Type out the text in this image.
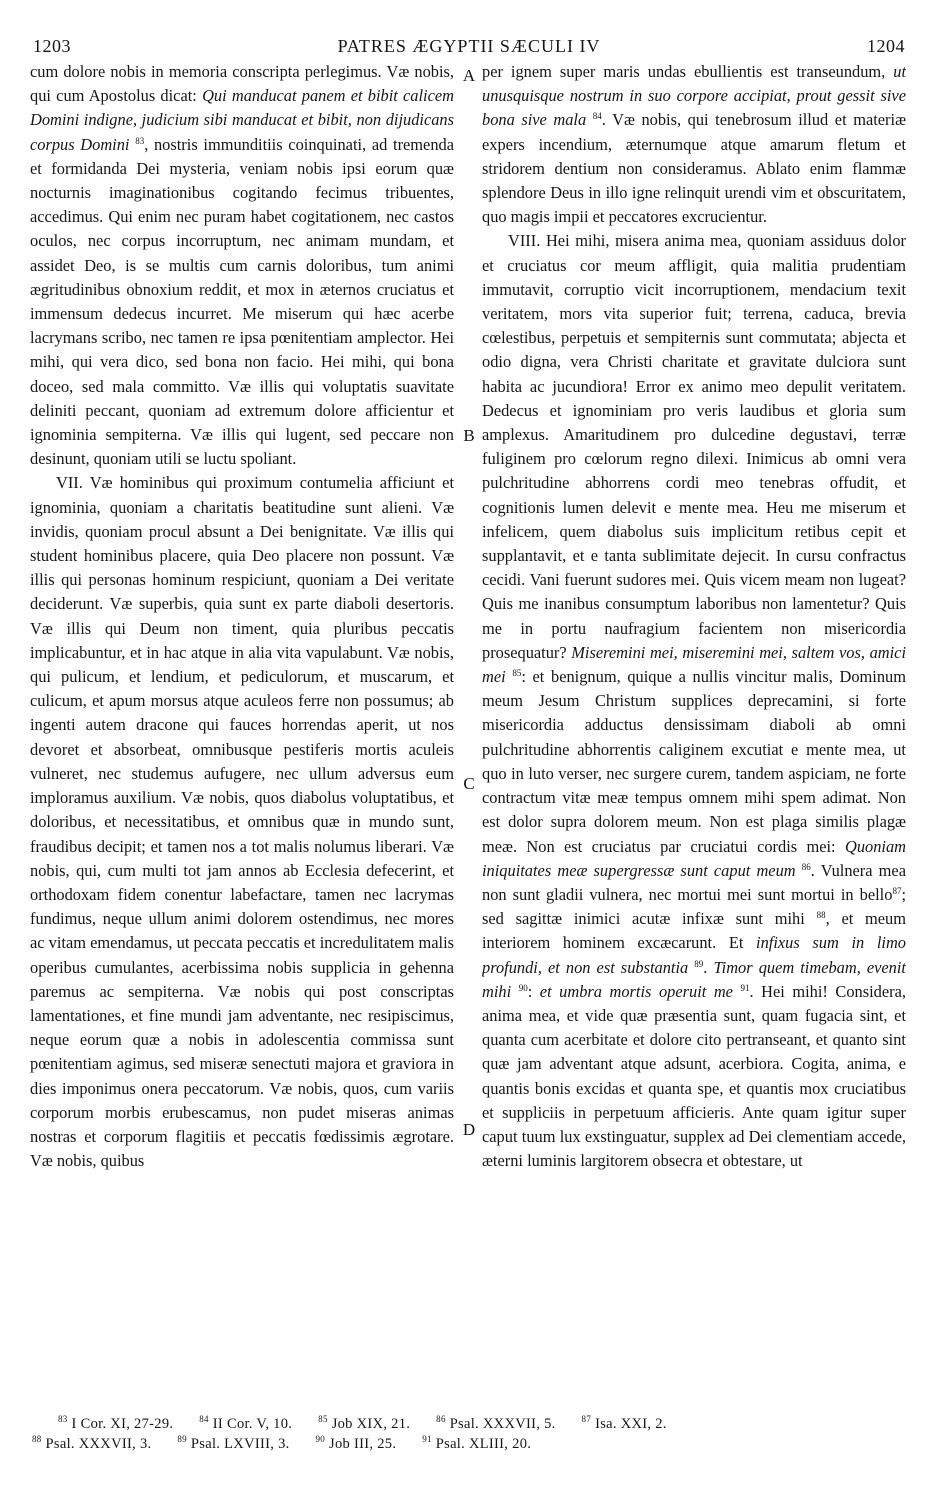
1203	PATRES ÆGYPTII SÆCULI IV	1204

cum dolore nobis in memoria conscripta perlegimus. Væ nobis, qui cum Apostolus dicat: Qui manducat panem et bibit calicem Domini indigne, judicium sibi manducat et bibit, non dijudicans corpus Domini $^{83}$, nostris immunditiis coinquinati, ad tremenda et formidanda Dei mysteria, veniam nobis ipsi eorum quæ nocturnis imaginationibus cogitando fecimus tribuentes, accedimus. Qui enim nec puram habet cogitationem, nec castos oculos, nec corpus incorruptum, nec animam mundam, et assidet Deo, is se multis cum carnis doloribus, tum animi ægritudinibus obnoxium reddit, et mox in æternos cruciatus et immensum dedecus incurret. Me miserum qui hæc acerbe lacrymans scribo, nec tamen re ipsa pœnitentiam amplector. Hei mihi, qui vera dico, sed bona non facio. Hei mihi, qui bona doceo, sed mala committo. Væ illis qui voluptatis suavitate deliniti peccant, quoniam ad extremum dolore afficientur et ignominia sempiterna. Væ illis qui lugent, sed peccare non desinunt, quoniam utili se luctu spoliant.

VII. Væ hominibus qui proximum contumelia afficiunt et ignominia, quoniam a charitatis beatitudine sunt alieni. Væ invidis, quoniam procul absunt a Dei benignitate. Væ illis qui student hominibus placere, quia Deo placere non possunt. Væ illis qui personas hominum respiciunt, quoniam a Dei veritate deciderunt. Væ superbis, quia sunt ex parte diaboli desertoris. Væ illis qui Deum non timent, quia pluribus peccatis implicabuntur, et in hac atque in alia vita vapulabunt. Væ nobis, qui pulicum, et lendium, et pediculorum, et muscarum, et culicum, et apum morsus atque aculeos ferre non possumus; ab ingenti autem dracone qui fauces horrendas aperit, ut nos devoret et absorbeat, omnibusque pestiferis mortis aculeis vulneret, nec studemus aufugere, nec ullum adversus eum imploramus auxilium. Væ nobis, quos diabolus voluptatibus, et doloribus, et necessitatibus, et omnibus quæ in mundo sunt, fraudibus decipit; et tamen nos a tot malis nolumus liberari. Væ nobis, qui, cum multi tot jam annos ab Ecclesia defecerint, et orthodoxam fidem conentur labefactare, tamen nec lacrymas fundimus, neque ullum animi dolorem ostendimus, nec mores ac vitam emendamus, ut peccata peccatis et incredulitatem malis operibus cumulantes, acerbissima nobis supplicia in gehenna paremus ac sempiterna. Væ nobis qui post conscriptas lamentationes, et fine mundi jam adventante, nec resipiscimus, neque eorum quæ a nobis in adolescentia commissa sunt pœnitentiam agimus, sed miseræ senectuti majora et graviora in dies imponimus onera peccatorum. Væ nobis, quos, cum variis corporum morbis erubescamus, non pudet miseras animas nostras et corporum flagitiis et peccatis fœdissimis ægrotare. Væ nobis, quibus

A
B
C
D

per ignem super maris undas ebullientis est transeundum, ut unusquisque nostrum in suo corpore accipiat, prout gessit sive bona sive mala $^{84}$. Væ nobis, qui tenebrosum illud et materiæ expers incendium, æternumque atque amarum fletum et stridorem dentium non consideramus. Ablato enim flammæ splendore Deus in illo igne relinquit urendi vim et obscuritatem, quo magis impii et peccatores excrucientur.

VIII. Hei mihi, misera anima mea, quoniam assiduus dolor et cruciatus cor meum affligit, quia malitia prudentiam immutavit, corruptio vicit incorruptionem, mendacium texit veritatem, mors vita superior fuit; terrena, caduca, brevia cœlestibus, perpetuis et sempiternis sunt commutata; abjecta et odio digna, vera Christi charitate et gravitate dulciora sunt habita ac jucundiora! Error ex animo meo depulit veritatem. Dedecus et ignominiam pro veris laudibus et gloria sum amplexus. Amaritudinem pro dulcedine degustavi, terræ fuliginem pro cœlorum regno dilexi. Inimicus ab omni vera pulchritudine abhorrens cordi meo tenebras offudit, et cognitionis lumen delevit e mente mea. Heu me miserum et infelicem, quem diabolus suis implicitum retibus cepit et supplantavit, et e tanta sublimitate dejecit. In cursu confractus cecidi. Vani fuerunt sudores mei. Quis vicem meam non lugeat? Quis me inanibus consumptum laboribus non lamentetur? Quis me in portu naufragium facientem non misericordia prosequatur? Miseremini mei, miseremini mei, saltem vos, amici mei $^{85}$: et benignum, quique a nullis vincitur malis, Dominum meum Jesum Christum supplices deprecamini, si forte misericordia adductus densissimam diaboli ab omni pulchritudine abhorrentis caliginem excutiat e mente mea, ut quo in luto verser, nec surgere curem, tandem aspiciam, ne forte contractum vitæ meæ tempus omnem mihi spem adimat. Non est dolor supra dolorem meum. Non est plaga similis plagæ meæ. Non est cruciatus par cruciatui cordis mei: Quoniam iniquitates meæ supergressæ sunt caput meum $^{86}$. Vulnera mea non sunt gladii vulnera, nec mortui mei sunt mortui in bello$^{87}$; sed sagittæ inimici acutæ infixæ sunt mihi $^{88}$, et meum interiorem hominem excæcarunt. Et infixus sum in limo profundi, et non est substantia $^{89}$. Timor quem timebam, evenit mihi $^{90}$: et umbra mortis operuit me $^{91}$. Hei mihi! Considera, anima mea, et vide quæ præsentia sunt, quam fugacia sint, et quanta cum acerbitate et dolore cito pertranseant, et quanto sint quæ jam adventant atque adsunt, acerbiora. Cogita, anima, e quantis bonis excidas et quanta spe, et quantis mox cruciatibus et suppliciis in perpetuum afficieris. Ante quam igitur super caput tuum lux exstinguatur, supplex ad Dei clementiam accede, æterni luminis largitorem obsecra et obtestare, ut

$^{83}$ I Cor. XI, 27-29.	$^{84}$ II Cor. V, 10.	$^{85}$ Job XIX, 21.	$^{86}$ Psal. XXXVII, 5.	$^{87}$ Isa. XXI, 2.
$^{88}$ Psal. XXXVII, 3.	$^{89}$ Psal. LXVIII, 3.	$^{90}$ Job III, 25.	$^{91}$ Psal. XLIII, 20.
